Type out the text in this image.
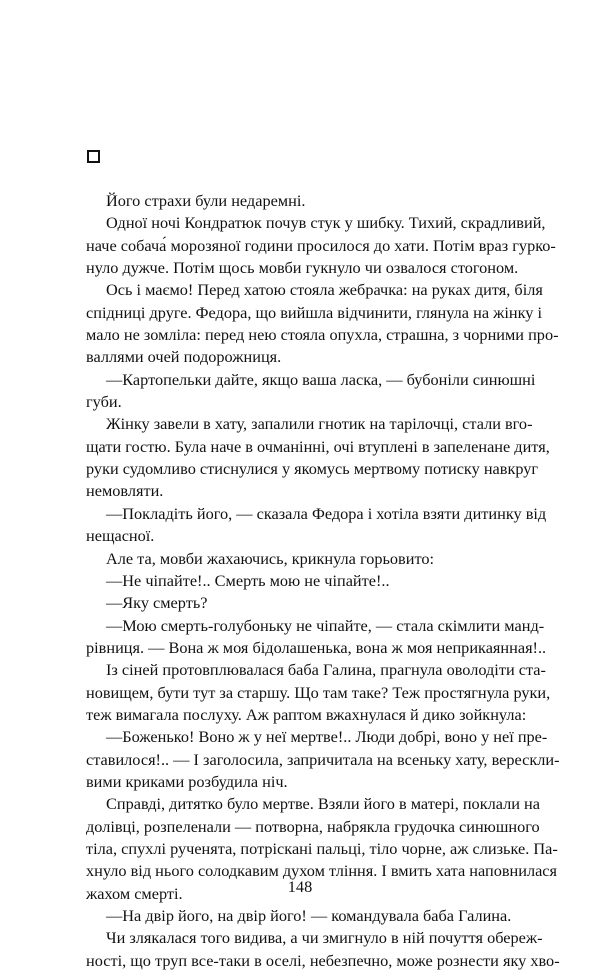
Його страхи були недаремні.
Одної ночі Кондратюк почув стук у шибку. Тихий, скрадливий,
наче собача́ морозяної години просилося до хати. Потім враз гурко-
нуло дужче. Потім щось мовби гукнуло чи озвалося стогоном.
Ось і маємо! Перед хатою стояла жебрачка: на руках дитя, біля
спідниці друге. Федора, що вийшла відчинити, глянула на жінку і
мало не зомліла: перед нею стояла опухла, страшна, з чорними про-
валлями очей подорожниця.
—Картопельки дайте, якщо ваша ласка, — бубоніли синюшні
губи.
Жінку завели в хату, запалили гнотик на тарілочці, стали вго-
щати гостю. Була наче в очманінні, очі втуплені в запеленане дитя,
руки судомливо стиснулися у якомусь мертвому потиску навкруг
немовляти.
—Покладіть його, — сказала Федора і хотіла взяти дитинку від
нещасної.
Але та, мовби жахаючись, крикнула горьовито:
—Не чіпайте!.. Смерть мою не чіпайте!..
—Яку смерть?
—Мою смерть-голубоньку не чіпайте, — стала скімлити манд-
рівниця. — Вона ж моя бідолашенька, вона ж моя неприкаянная!..
Із сіней протовплювалася баба Галина, прагнула оволодіти ста-
новищем, бути тут за старшу. Що там таке? Теж простягнула руки,
теж вимагала послуху. Аж раптом вжахнулася й дико зойкнула:
—Боженько! Воно ж у неї мертве!.. Люди добрі, воно у неї пре-
ставилося!.. — І заголосила, запричитала на всеньку хату, верескли-
вими криками розбудила ніч.
Справді, дитятко було мертве. Взяли його в матері, поклали на
долівці, розпеленали — потворна, набрякла грудочка синюшного
тіла, спухлі рученята, потріскані пальці, тіло чорне, аж слизьке. Па-
хнуло від нього солодкавим духом тління. І вмить хата наповнилася
жахом смерті.
—На двір його, на двір його! — командувала баба Галина.
Чи злякалася того видива, а чи змигнуло в ній почуття обереж-
ності, що труп все-таки в оселі, небезпечно, може рознести яку хво-
148
